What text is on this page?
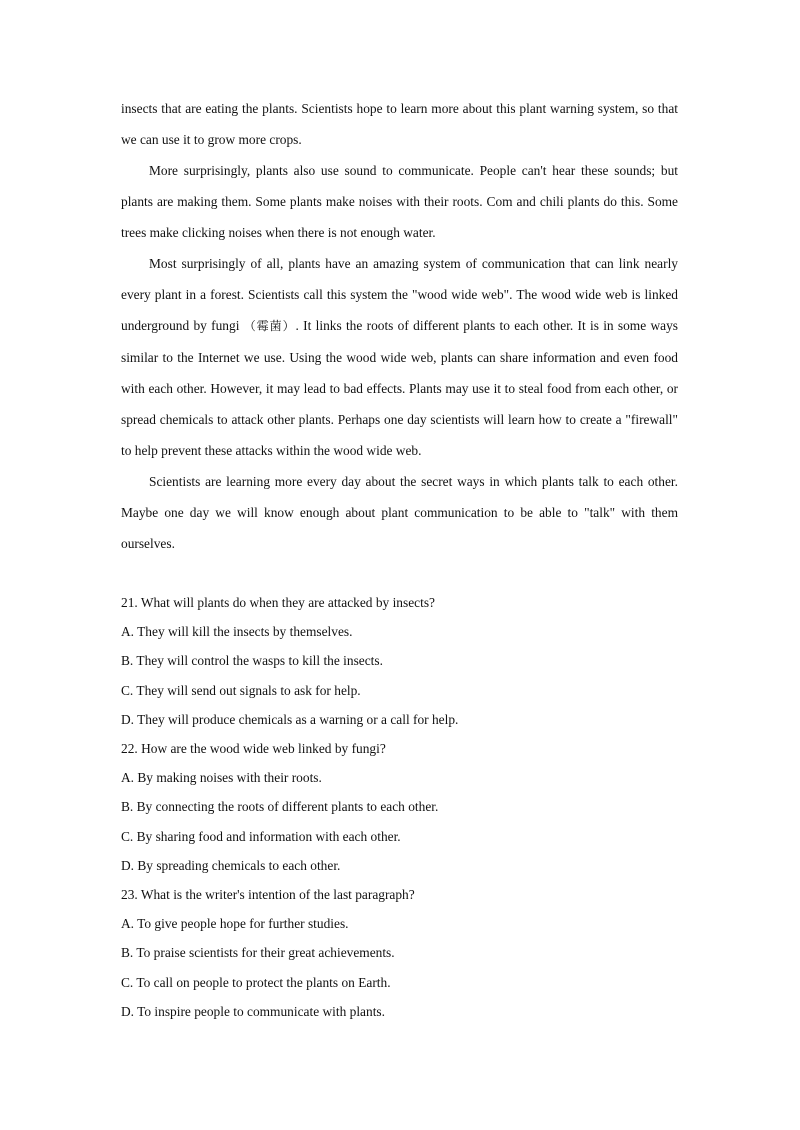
insects that are eating the plants. Scientists hope to learn more about this plant warning system, so that we can use it to grow more crops.

More surprisingly, plants also use sound to communicate. People can't hear these sounds; but plants are making them. Some plants make noises with their roots. Com and chili plants do this. Some trees make clicking noises when there is not enough water.

Most surprisingly of all, plants have an amazing system of communication that can link nearly every plant in a forest. Scientists call this system the "wood wide web". The wood wide web is linked underground by fungi （霉菌）. It links the roots of different plants to each other. It is in some ways similar to the Internet we use. Using the wood wide web, plants can share information and even food with each other. However, it may lead to bad effects. Plants may use it to steal food from each other, or spread chemicals to attack other plants. Perhaps one day scientists will learn how to create a "firewall" to help prevent these attacks within the wood wide web.

Scientists are learning more every day about the secret ways in which plants talk to each other. Maybe one day we will know enough about plant communication to be able to "talk" with them ourselves.

21. What will plants do when they are attacked by insects?
A. They will kill the insects by themselves.
B. They will control the wasps to kill the insects.
C. They will send out signals to ask for help.
D. They will produce chemicals as a warning or a call for help.
22. How are the wood wide web linked by fungi?
A. By making noises with their roots.
B. By connecting the roots of different plants to each other.
C. By sharing food and information with each other.
D. By spreading chemicals to each other.
23. What is the writer's intention of the last paragraph?
A. To give people hope for further studies.
B. To praise scientists for their great achievements.
C. To call on people to protect the plants on Earth.
D. To inspire people to communicate with plants.
